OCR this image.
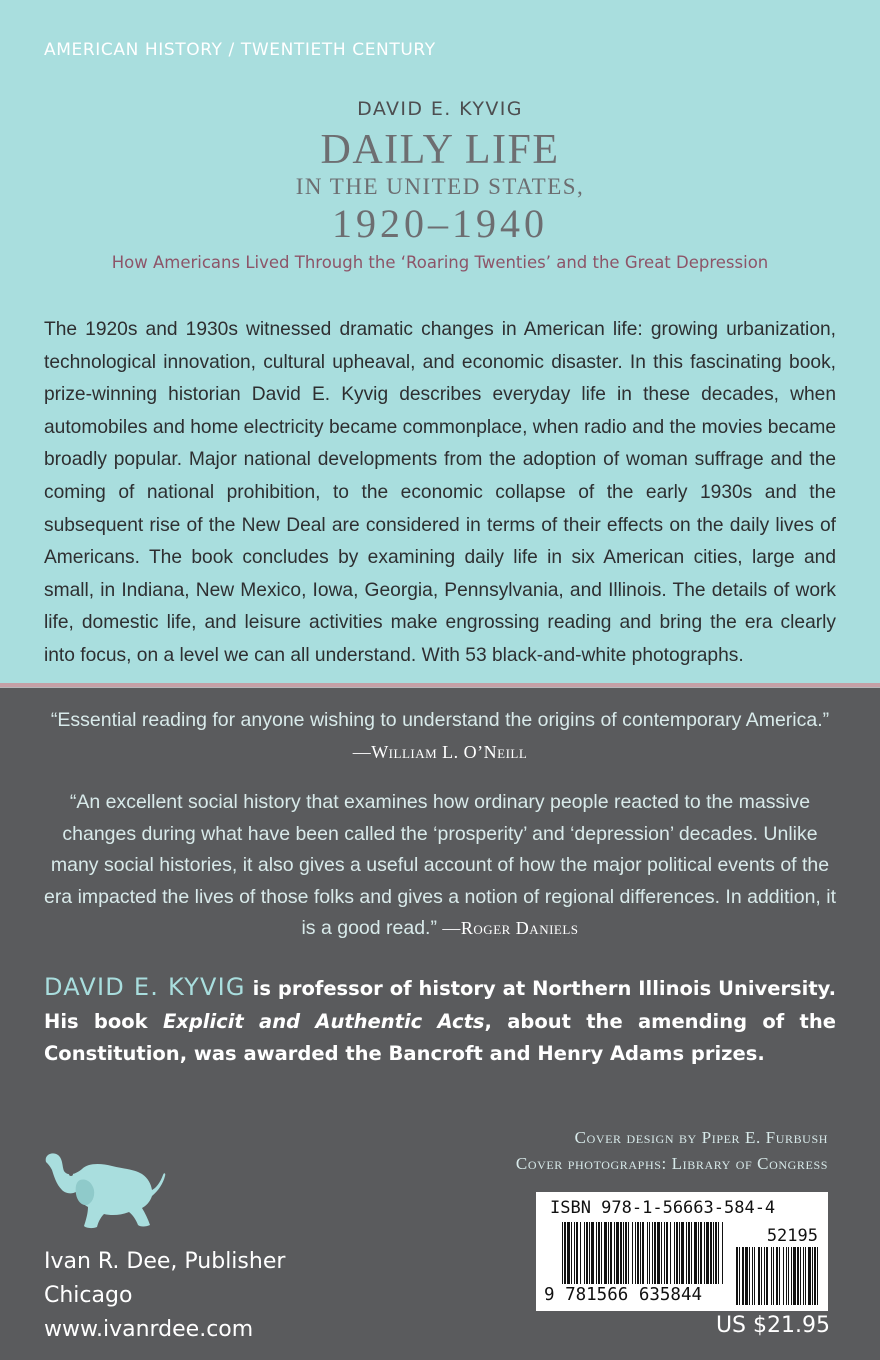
AMERICAN HISTORY / TWENTIETH CENTURY
DAVID E. KYVIG
DAILY LIFE
IN THE UNITED STATES,
1920–1940
How Americans Lived Through the ‘Roaring Twenties’ and the Great Depression

The 1920s and 1930s witnessed dramatic changes in American life: growing urbanization, technological innovation, cultural upheaval, and economic disaster. In this fascinating book, prize-winning historian David E. Kyvig describes everyday life in these decades, when automobiles and home electricity became commonplace, when radio and the movies became broadly popular. Major national developments from the adoption of woman suffrage and the coming of national prohibition, to the economic collapse of the early 1930s and the subsequent rise of the New Deal are considered in terms of their effects on the daily lives of Americans. The book concludes by examining daily life in six American cities, large and small, in Indiana, New Mexico, Iowa, Georgia, Pennsylvania, and Illinois. The details of work life, domestic life, and leisure activities make engrossing reading and bring the era clearly into focus, on a level we can all understand. With 53 black-and-white photographs.

“Essential reading for anyone wishing to understand the origins of contemporary America.” —William L. O’Neill

“An excellent social history that examines how ordinary people reacted to the massive changes during what have been called the ‘prosperity’ and ‘depression’ decades. Unlike many social histories, it also gives a useful account of how the major political events of the era impacted the lives of those folks and gives a notion of regional differences. In addition, it is a good read.” —Roger Daniels

DAVID E. KYVIG is professor of history at Northern Illinois University. His book Explicit and Authentic Acts, about the amending of the Constitution, was awarded the Bancroft and Henry Adams prizes.

Cover design by Piper E. Furbush
Cover photographs: Library of Congress
Ivan R. Dee, Publisher
Chicago
www.ivanrdee.com
ISBN 978-1-56663-584-4
52195
9 781566 635844
US $21.95
